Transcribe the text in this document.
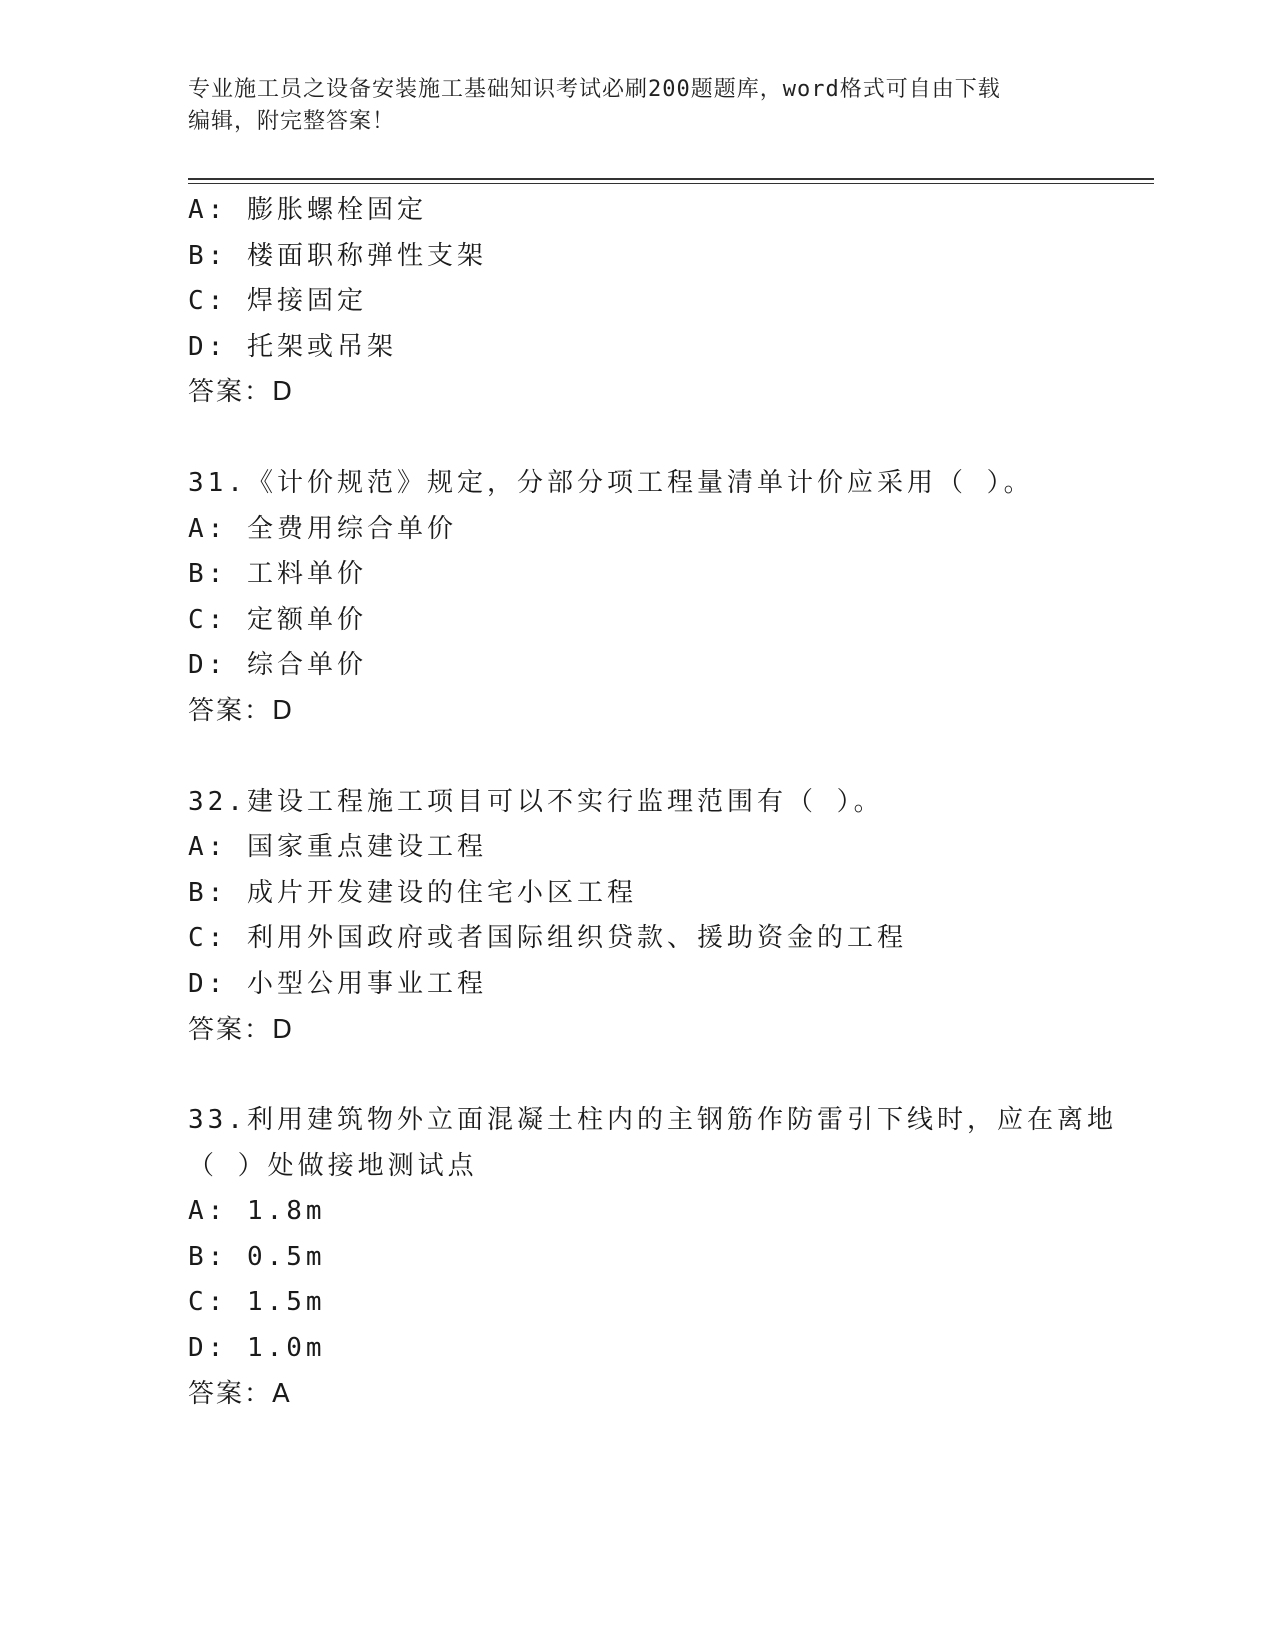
专业施工员之设备安装施工基础知识考试必刷200题题库，word格式可自由下载
编辑，附完整答案！
A: 膨胀螺栓固定
B: 楼面职称弹性支架
C: 焊接固定
D: 托架或吊架
答案：D
31.《计价规范》规定，分部分项工程量清单计价应采用（ ）。
A: 全费用综合单价
B: 工料单价
C: 定额单价
D: 综合单价
答案：D
32.建设工程施工项目可以不实行监理范围有（ ）。
A: 国家重点建设工程
B: 成片开发建设的住宅小区工程
C: 利用外国政府或者国际组织贷款、援助资金的工程
D: 小型公用事业工程
答案：D
33.利用建筑物外立面混凝土柱内的主钢筋作防雷引下线时，应在离地
（ ）处做接地测试点
A: 1.8m
B: 0.5m
C: 1.5m
D: 1.0m
答案：A
